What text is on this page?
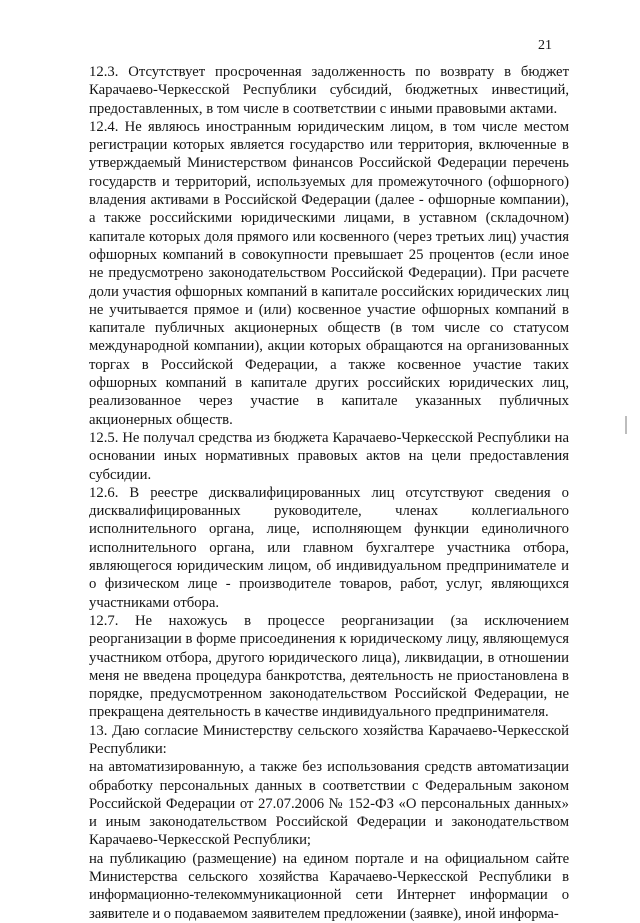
21

12.3. Отсутствует просроченная задолженность по возврату в бюджет Карачаево-Черкесской Республики субсидий, бюджетных инвестиций, предоставленных, в том числе в соответствии с иными правовыми актами.

12.4. Не являюсь иностранным юридическим лицом, в том числе местом регистрации которых является государство или территория, включенные в утверждаемый Министерством финансов Российской Федерации перечень государств и территорий, используемых для промежуточного (офшорного) владения активами в Российской Федерации (далее - офшорные компании), а также российскими юридическими лицами, в уставном (складочном) капитале которых доля прямого или косвенного (через третьих лиц) участия офшорных компаний в совокупности превышает 25 процентов (если иное не предусмотрено законодательством Российской Федерации). При расчете доли участия офшорных компаний в капитале российских юридических лиц не учитывается прямое и (или) косвенное участие офшорных компаний в капитале публичных акционерных обществ (в том числе со статусом международной компании), акции которых обращаются на организованных торгах в Российской Федерации, а также косвенное участие таких офшорных компаний в капитале других российских юридических лиц, реализованное через участие в капитале указанных публичных акционерных обществ.

12.5. Не получал средства из бюджета Карачаево-Черкесской Республики на основании иных нормативных правовых актов на цели предоставления субсидии.

12.6. В реестре дисквалифицированных лиц отсутствуют сведения о дисквалифицированных руководителе, членах коллегиального исполнительного органа, лице, исполняющем функции единоличного исполнительного органа, или главном бухгалтере участника отбора, являющегося юридическим лицом, об индивидуальном предпринимателе и о физическом лице - производителе товаров, работ, услуг, являющихся участниками отбора.

12.7. Не нахожусь в процессе реорганизации (за исключением реорганизации в форме присоединения к юридическому лицу, являющемуся участником отбора, другого юридического лица), ликвидации, в отношении меня не введена процедура банкротства, деятельность не приостановлена в порядке, предусмотренном законодательством Российской Федерации, не прекращена деятельность в качестве индивидуального предпринимателя.

13. Даю согласие Министерству сельского хозяйства Карачаево-Черкесской Республики:

на автоматизированную, а также без использования средств автоматизации обработку персональных данных в соответствии с Федеральным законом Российской Федерации от 27.07.2006 № 152-ФЗ «О персональных данных» и иным законодательством Российской Федерации и законодательством Карачаево-Черкесской Республики;

на публикацию (размещение) на едином портале и на официальном сайте Министерства сельского хозяйства Карачаево-Черкесской Республики в информационно-телекоммуникационной сети Интернет информации о заявителе и о подаваемом заявителем предложении (заявке), иной информа-
